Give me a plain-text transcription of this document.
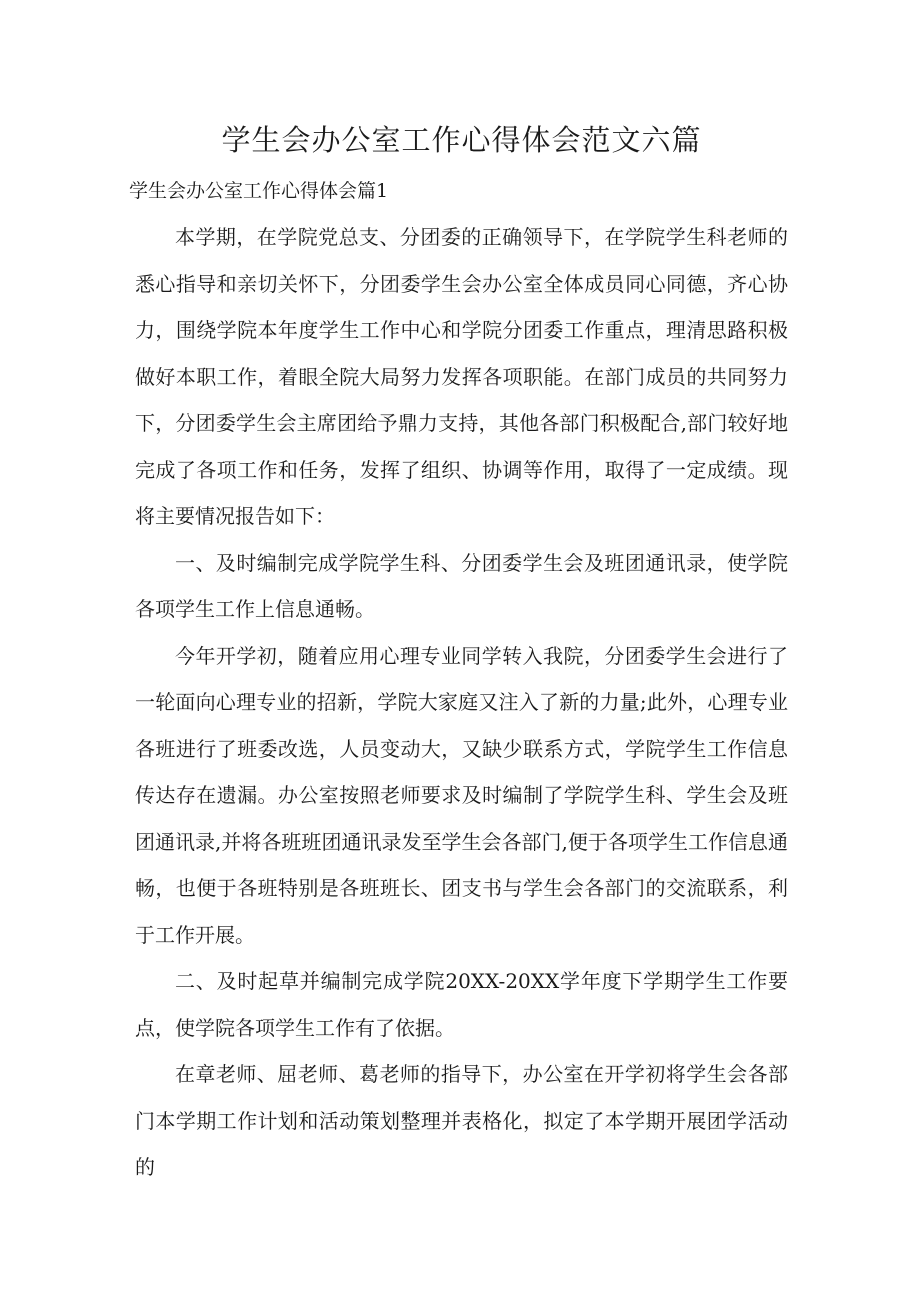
学生会办公室工作心得体会范文六篇
学生会办公室工作心得体会篇1

本学期，在学院党总支、分团委的正确领导下，在学院学生科老师的悉心指导和亲切关怀下，分团委学生会办公室全体成员同心同德，齐心协力，围绕学院本年度学生工作中心和学院分团委工作重点，理清思路积极做好本职工作，着眼全院大局努力发挥各项职能。在部门成员的共同努力下，分团委学生会主席团给予鼎力支持，其他各部门积极配合,部门较好地完成了各项工作和任务，发挥了组织、协调等作用，取得了一定成绩。现将主要情况报告如下：

一、及时编制完成学院学生科、分团委学生会及班团通讯录，使学院各项学生工作上信息通畅。

今年开学初，随着应用心理专业同学转入我院，分团委学生会进行了一轮面向心理专业的招新，学院大家庭又注入了新的力量;此外，心理专业各班进行了班委改选，人员变动大，又缺少联系方式，学院学生工作信息传达存在遗漏。办公室按照老师要求及时编制了学院学生科、学生会及班团通讯录,并将各班班团通讯录发至学生会各部门,便于各项学生工作信息通畅，也便于各班特别是各班班长、团支书与学生会各部门的交流联系，利于工作开展。

二、及时起草并编制完成学院20XX-20XX学年度下学期学生工作要点，使学院各项学生工作有了依据。

在章老师、屈老师、葛老师的指导下，办公室在开学初将学生会各部门本学期工作计划和活动策划整理并表格化，拟定了本学期开展团学活动的
